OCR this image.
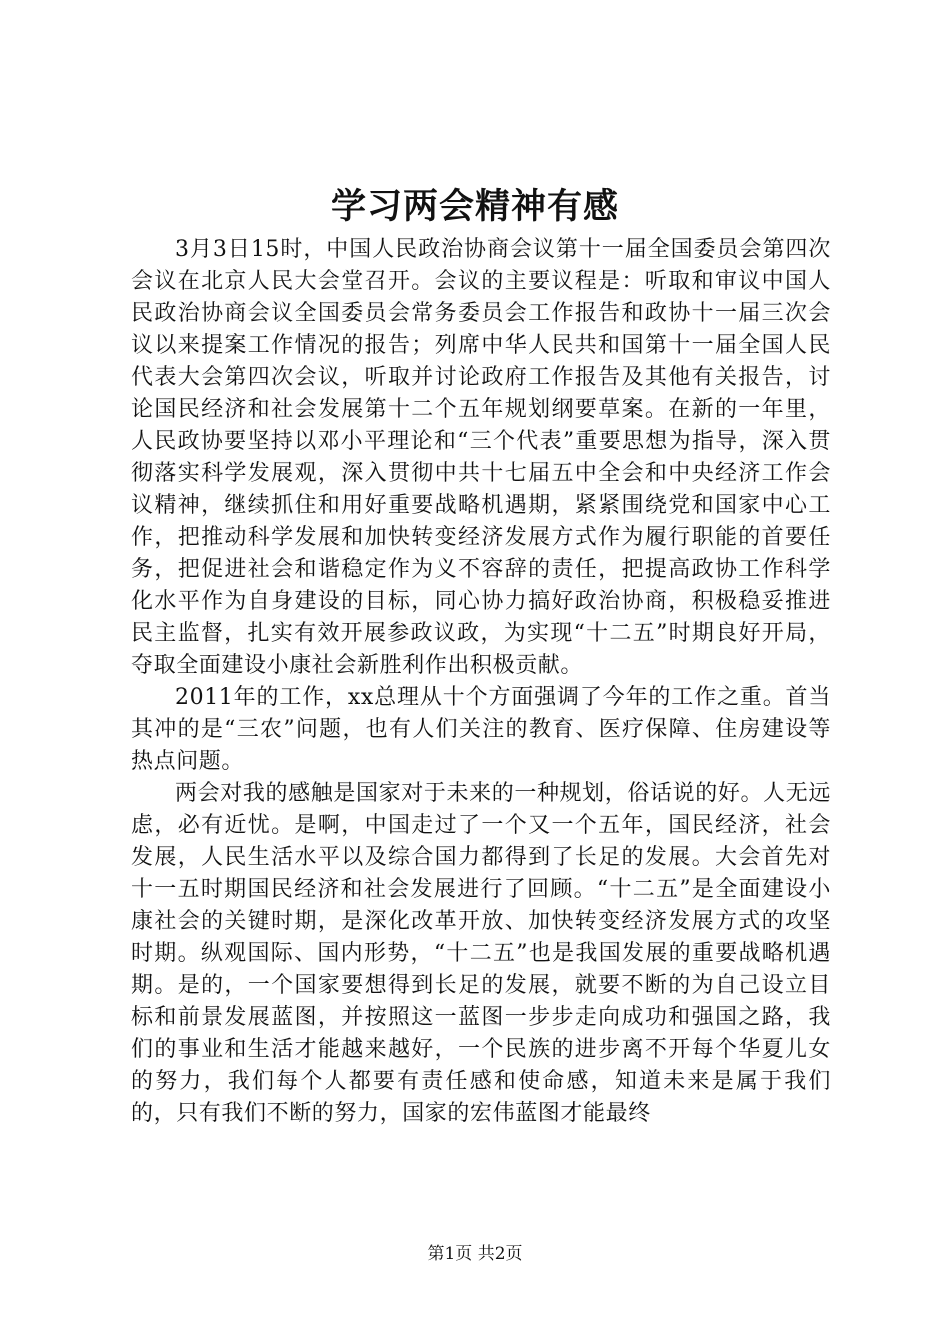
学习两会精神有感

3月3日15时，中国人民政治协商会议第十一届全国委员会第四次会议在北京人民大会堂召开。会议的主要议程是：听取和审议中国人民政治协商会议全国委员会常务委员会工作报告和政协十一届三次会议以来提案工作情况的报告；列席中华人民共和国第十一届全国人民代表大会第四次会议，听取并讨论政府工作报告及其他有关报告，讨论国民经济和社会发展第十二个五年规划纲要草案。在新的一年里，人民政协要坚持以邓小平理论和“三个代表”重要思想为指导，深入贯彻落实科学发展观，深入贯彻中共十七届五中全会和中央经济工作会议精神，继续抓住和用好重要战略机遇期，紧紧围绕党和国家中心工作，把推动科学发展和加快转变经济发展方式作为履行职能的首要任务，把促进社会和谐稳定作为义不容辞的责任，把提高政协工作科学化水平作为自身建设的目标，同心协力搞好政治协商，积极稳妥推进民主监督，扎实有效开展参政议政，为实现“十二五”时期良好开局，夺取全面建设小康社会新胜利作出积极贡献。

2011年的工作，xx总理从十个方面强调了今年的工作之重。首当其冲的是“三农”问题，也有人们关注的教育、医疗保障、住房建设等热点问题。

两会对我的感触是国家对于未来的一种规划，俗话说的好。人无远虑，必有近忧。是啊，中国走过了一个又一个五年，国民经济，社会发展，人民生活水平以及综合国力都得到了长足的发展。大会首先对十一五时期国民经济和社会发展进行了回顾。“十二五”是全面建设小康社会的关键时期，是深化改革开放、加快转变经济发展方式的攻坚时期。纵观国际、国内形势，“十二五”也是我国发展的重要战略机遇期。是的，一个国家要想得到长足的发展，就要不断的为自己设立目标和前景发展蓝图，并按照这一蓝图一步步走向成功和强国之路，我们的事业和生活才能越来越好，一个民族的进步离不开每个华夏儿女的努力，我们每个人都要有责任感和使命感，知道未来是属于我们的，只有我们不断的努力，国家的宏伟蓝图才能最终

第1页 共2页
